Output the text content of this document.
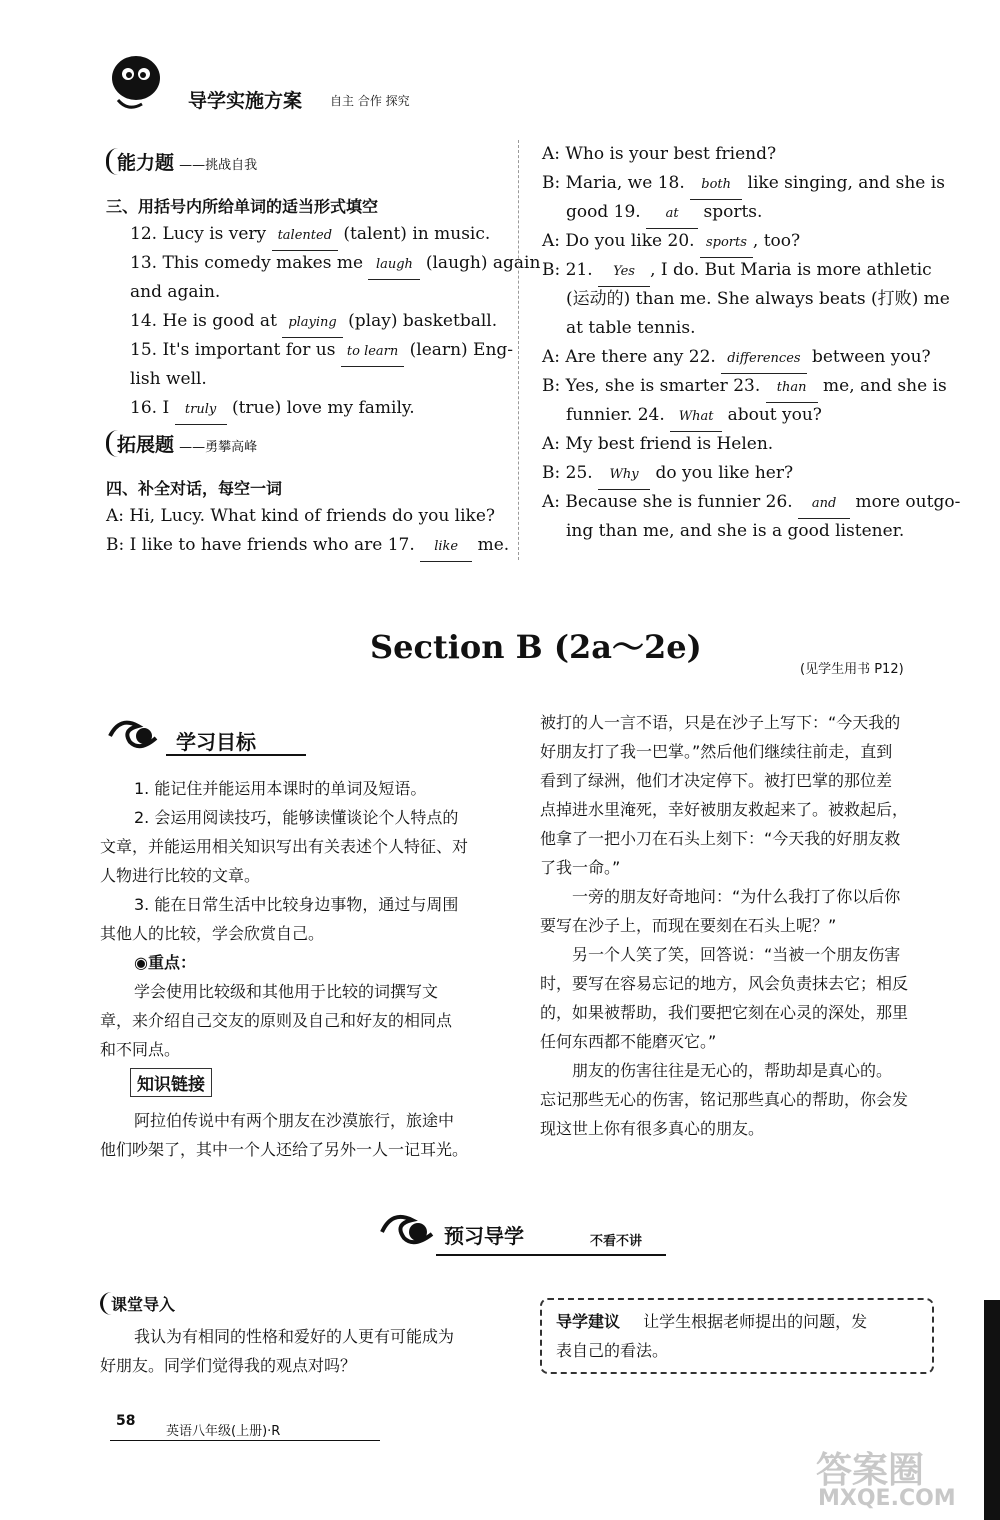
导学实施方案 自主 合作 探究
能力题 ——挑战自我
三、用括号内所给单词的适当形式填空
12. Lucy is very talented (talent) in music.
13. This comedy makes me laugh (laugh) again
and again.
14. He is good at playing (play) basketball.
15. It's important for us to learn (learn) Eng-
lish well.
16. I truly (true) love my family.
拓展题 ——勇攀高峰
四、补全对话，每空一词
A: Hi, Lucy. What kind of friends do you like?
B: I like to have friends who are 17. like me.
A: Who is your best friend?
B: Maria, we 18. both like singing, and she is
good 19. at sports.
A: Do you like 20. sports , too?
B: 21. Yes , I do. But Maria is more athletic
(运动的) than me. She always beats (打败) me
at table tennis.
A: Are there any 22. differences between you?
B: Yes, she is smarter 23. than me, and she is
funnier. 24. What about you?
A: My best friend is Helen.
B: 25. Why do you like her?
A: Because she is funnier 26. and more outgo-
ing than me, and she is a good listener.
Section B (2a～2e)
(见学生用书 P12)
学习目标
1. 能记住并能运用本课时的单词及短语。
2. 会运用阅读技巧，能够读懂谈论个人特点的
文章，并能运用相关知识写出有关表述个人特征、对
人物进行比较的文章。
3. 能在日常生活中比较身边事物，通过与周围
其他人的比较，学会欣赏自己。
◉重点：
学会使用比较级和其他用于比较的词撰写文
章，来介绍自己交友的原则及自己和好友的相同点
和不同点。
知识链接
阿拉伯传说中有两个朋友在沙漠旅行，旅途中
他们吵架了，其中一个人还给了另外一人一记耳光。
被打的人一言不语，只是在沙子上写下：“今天我的
好朋友打了我一巴掌。”然后他们继续往前走，直到
看到了绿洲，他们才决定停下。被打巴掌的那位差
点掉进水里淹死，幸好被朋友救起来了。被救起后，
他拿了一把小刀在石头上刻下：“今天我的好朋友救
了我一命。”
一旁的朋友好奇地问：“为什么我打了你以后你
要写在沙子上，而现在要刻在石头上呢？”
另一个人笑了笑，回答说：“当被一个朋友伤害
时，要写在容易忘记的地方，风会负责抹去它；相反
的，如果被帮助，我们要把它刻在心灵的深处，那里
任何东西都不能磨灭它。”
朋友的伤害往往是无心的，帮助却是真心的。
忘记那些无心的伤害，铭记那些真心的帮助，你会发
现这世上你有很多真心的朋友。
预习导学	不看不讲
课堂导入
我认为有相同的性格和爱好的人更有可能成为
好朋友。同学们觉得我的观点对吗？
导学建议 让学生根据老师提出的问题，发
表自己的看法。
58
英语八年级(上册)·R
答案圈
MXQE.COM
